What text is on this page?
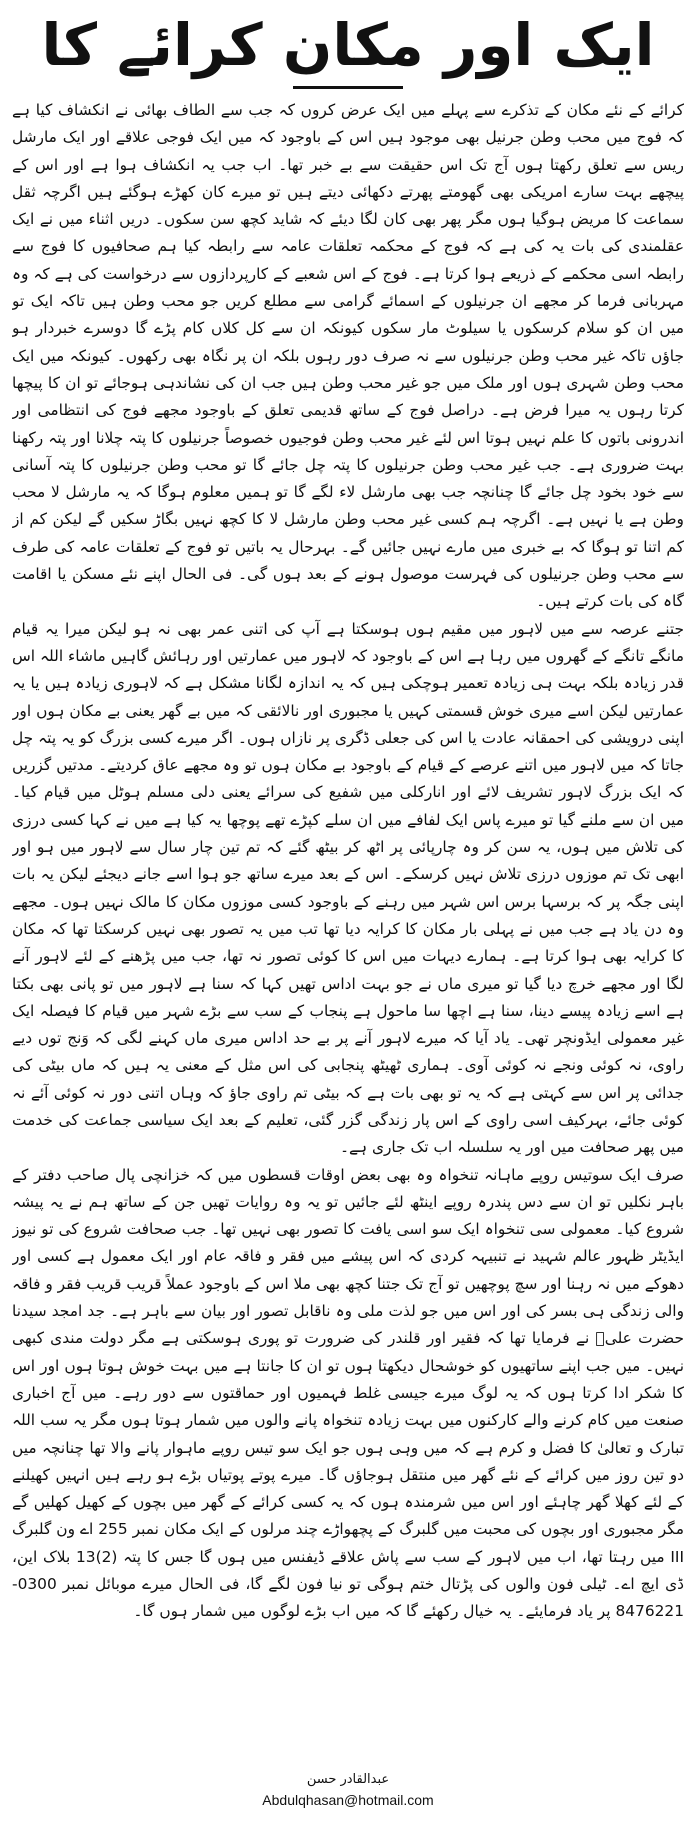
ایک اور مکان کرائے کا

کرائے کے نئے مکان کے تذکرے سے پہلے میں ایک عرض کروں کہ جب سے الطاف بھائی نے انکشاف کیا ہے کہ فوج میں محب وطن جرنیل بھی موجود ہیں اس کے باوجود کہ میں ایک فوجی علاقے اور ایک مارشل ریس سے تعلق رکھتا ہوں آج تک اس حقیقت سے بے خبر تھا۔ اب جب یہ انکشاف ہوا ہے اور اس کے پیچھے بہت سارے امریکی بھی گھومتے پھرتے دکھائی دیتے ہیں تو میرے کان کھڑے ہوگئے ہیں اگرچہ ثقل سماعت کا مریض ہوگیا ہوں مگر پھر بھی کان لگا دیئے کہ شاید کچھ سن سکوں۔ دریں اثناء میں نے ایک عقلمندی کی بات یہ کی ہے کہ فوج کے محکمہ تعلقات عامہ سے رابطہ کیا ہم صحافیوں کا فوج سے رابطہ اسی محکمے کے ذریعے ہوا کرتا ہے۔ فوج کے اس شعبے کے کارپردازوں سے درخواست کی ہے کہ وہ مہربانی فرما کر مجھے ان جرنیلوں کے اسمائے گرامی سے مطلع کریں جو محب وطن ہیں تاکہ ایک تو میں ان کو سلام کرسکوں یا سیلوٹ مار سکوں کیونکہ ان سے کل کلاں کام پڑے گا دوسرے خبردار ہو جاؤں تاکہ غیر محب وطن جرنیلوں سے نہ صرف دور رہوں بلکہ ان پر نگاہ بھی رکھوں۔ کیونکہ میں ایک محب وطن شہری ہوں اور ملک میں جو غیر محب وطن ہیں جب ان کی نشاندہی ہوجائے تو ان کا پیچھا کرتا رہوں یہ میرا فرض ہے۔ دراصل فوج کے ساتھ قدیمی تعلق کے باوجود مجھے فوج کی انتظامی اور اندرونی باتوں کا علم نہیں ہوتا اس لئے غیر محب وطن فوجیوں خصوصاً جرنیلوں کا پتہ چلانا اور پتہ رکھنا بہت ضروری ہے۔ جب غیر محب وطن جرنیلوں کا پتہ چل جائے گا تو محب وطن جرنیلوں کا پتہ آسانی سے خود بخود چل جائے گا چنانچہ جب بھی مارشل لاء لگے گا تو ہمیں معلوم ہوگا کہ یہ مارشل لا محب وطن ہے یا نہیں ہے۔ اگرچہ ہم کسی غیر محب وطن مارشل لا کا کچھ نہیں بگاڑ سکیں گے لیکن کم از کم اتنا تو ہوگا کہ بے خبری میں مارے نہیں جائیں گے۔ بہرحال یہ باتیں تو فوج کے تعلقات عامہ کی طرف سے محب وطن جرنیلوں کی فہرست موصول ہونے کے بعد ہوں گی۔ فی الحال اپنے نئے مسکن یا اقامت گاہ کی بات کرتے ہیں۔

جتنے عرصہ سے میں لاہور میں مقیم ہوں ہوسکتا ہے آپ کی اتنی عمر بھی نہ ہو لیکن میرا یہ قیام مانگے تانگے کے گھروں میں رہا ہے اس کے باوجود کہ لاہور میں عمارتیں اور رہائش گاہیں ماشاء اللہ اس قدر زیادہ بلکہ بہت ہی زیادہ تعمیر ہوچکی ہیں کہ یہ اندازہ لگانا مشکل ہے کہ لاہوری زیادہ ہیں یا یہ عمارتیں لیکن اسے میری خوش قسمتی کہیں یا مجبوری اور نالائقی کہ میں بے گھر یعنی بے مکان ہوں اور اپنی درویشی کی احمقانہ عادت یا اس کی جعلی ڈگری پر نازاں ہوں۔ اگر میرے کسی بزرگ کو یہ پتہ چل جاتا کہ میں لاہور میں اتنے عرصے کے قیام کے باوجود بے مکان ہوں تو وہ مجھے عاق کردیتے۔ مدتیں گزریں کہ ایک بزرگ لاہور تشریف لائے اور انارکلی میں شفیع کی سرائے یعنی دلی مسلم ہوٹل میں قیام کیا۔ میں ان سے ملنے گیا تو میرے پاس ایک لفافے میں ان سلے کپڑے تھے پوچھا یہ کیا ہے میں نے کہا کسی درزی کی تلاش میں ہوں، یہ سن کر وہ چارپائی پر اٹھ کر بیٹھ گئے کہ تم تین چار سال سے لاہور میں ہو اور ابھی تک تم موزوں درزی تلاش نہیں کرسکے۔ اس کے بعد میرے ساتھ جو ہوا اسے جانے دیجئے لیکن یہ بات اپنی جگہ پر کہ برسہا برس اس شہر میں رہنے کے باوجود کسی موزوں مکان کا مالک نہیں ہوں۔ مجھے وہ دن یاد ہے جب میں نے پہلی بار مکان کا کرایہ دیا تھا تب میں یہ تصور بھی نہیں کرسکتا تھا کہ مکان کا کرایہ بھی ہوا کرتا ہے۔ ہمارے دیہات میں اس کا کوئی تصور نہ تھا، جب میں پڑھنے کے لئے لاہور آنے لگا اور مجھے خرچ دیا گیا تو میری ماں نے جو بہت اداس تھیں کہا کہ سنا ہے لاہور میں تو پانی بھی بکتا ہے اسے زیادہ پیسے دینا، سنا ہے اچھا سا ماحول ہے پنجاب کے سب سے بڑے شہر میں قیام کا فیصلہ ایک غیر معمولی ایڈونچر تھی۔ یاد آیا کہ میرے لاہور آنے پر بے حد اداس میری ماں کہنے لگی کہ وَنج توں دیے راوی، نہ کوئی ونجے نہ کوئی آوی۔ ہماری ٹھیٹھ پنجابی کی اس مثل کے معنی یہ ہیں کہ ماں بیٹی کی جدائی پر اس سے کہتی ہے کہ یہ تو بھی بات ہے کہ بیٹی تم راوی جاؤ کہ وہاں اتنی دور نہ کوئی آئے نہ کوئی جائے، بہرکیف اسی راوی کے اس پار زندگی گزر گئی، تعلیم کے بعد ایک سیاسی جماعت کی خدمت میں پھر صحافت میں اور یہ سلسلہ اب تک جاری ہے۔

صرف ایک سوتیس روپے ماہانہ تنخواہ وہ بھی بعض اوقات قسطوں میں کہ خزانچی پال صاحب دفتر کے باہر نکلیں تو ان سے دس پندرہ روپے اینٹھ لئے جائیں تو یہ وہ روایات تھیں جن کے ساتھ ہم نے یہ پیشہ شروع کیا۔ معمولی سی تنخواہ ایک سو اسی یافت کا تصور بھی نہیں تھا۔ جب صحافت شروع کی تو نیوز ایڈیٹر ظہور عالم شہید نے تنبیہہ کردی کہ اس پیشے میں فقر و فاقہ عام اور ایک معمول ہے کسی اور دھوکے میں نہ رہنا اور سچ پوچھیں تو آج تک جتنا کچھ بھی ملا اس کے باوجود عملاً قریب قریب فقر و فاقہ والی زندگی ہی بسر کی اور اس میں جو لذت ملی وہ ناقابل تصور اور بیان سے باہر ہے۔ جد امجد سیدنا حضرت علیؓ نے فرمایا تھا کہ فقیر اور قلندر کی ضرورت تو پوری ہوسکتی ہے مگر دولت مندی کبھی نہیں۔ میں جب اپنے ساتھیوں کو خوشحال دیکھتا ہوں تو ان کا جانتا ہے میں بہت خوش ہوتا ہوں اور اس کا شکر ادا کرتا ہوں کہ یہ لوگ میرے جیسی غلط فہمیوں اور حماقتوں سے دور رہے۔ میں آج اخباری صنعت میں کام کرنے والے کارکنوں میں بہت زیادہ تنخواہ پانے والوں میں شمار ہوتا ہوں مگر یہ سب اللہ تبارک و تعالیٰ کا فضل و کرم ہے کہ میں وہی ہوں جو ایک سو تیس روپے ماہوار پانے والا تھا چنانچہ میں دو تین روز میں کرائے کے نئے گھر میں منتقل ہوجاؤں گا۔ میرے پوتے پوتیاں بڑے ہو رہے ہیں انہیں کھیلنے کے لئے کھلا گھر چاہئے اور اس میں شرمندہ ہوں کہ یہ کسی کرائے کے گھر میں بچوں کے کھیل کھلیں گے مگر مجبوری اور بچوں کی محبت میں گلبرگ کے پچھواڑے چند مرلوں کے ایک مکان نمبر 255 اے ون گلبرگ III میں رہتا تھا، اب میں لاہور کے سب سے پاش علاقے ڈیفنس میں ہوں گا جس کا پتہ (2)13 بلاک این، ڈی ایچ اے۔ ٹیلی فون والوں کی پڑتال ختم ہوگی تو نیا فون لگے گا، فی الحال میرے موبائل نمبر 0300-8476221 پر یاد فرمایئے۔ یہ خیال رکھئے گا کہ میں اب بڑے لوگوں میں شمار ہوں گا۔

عبدالقادر حسن
Abdulqhasan@hotmail.com
